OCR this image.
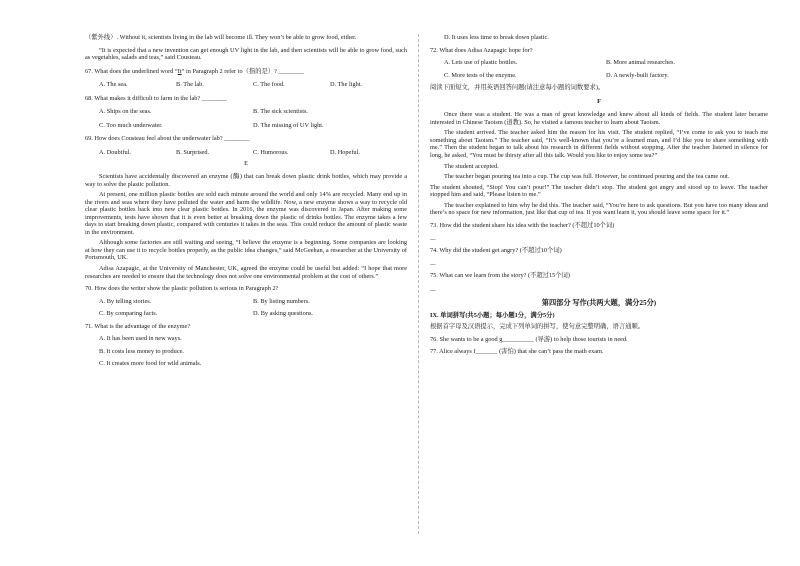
（紫外线）. Without it, scientists living in the lab will become ill. They won’t be able to grow food, either.

“It is expected that a new invention can get enough UV light in the lab, and then scientists will be able to grow food, such as vegetables, salads and teas,” said Cousteau.

67. What does the underlined word “It” in Paragraph 2 refer to（指的是）? ________

A. The sea.	B. The lab.	C. The food.	D. The light.

68. What makes it difficult to farm in the lab? ________

A. Ships on the seas.	B. The sick scientists.
C. Too much underwater.	D. The missing of UV light.

69. How does Cousteau feel about the underwater lab? ________

A. Doubtful.	B. Surprised.	C. Humorous.	D. Hopeful.

E

Scientists have accidentally discovered an enzyme (酶) that can break down plastic drink bottles, which may provide a way to solve the plastic pollution.

At present, one million plastic bottles are sold each minute around the world and only 14% are recycled. Many end up in the rivers and seas where they have polluted the water and harm the wildlife. Now, a new enzyme shows a way to recycle old clear plastic bottles back into new clear plastic bottles. In 2016, the enzyme was discovered in Japan. After making some improvements, tests have shown that it is even better at breaking down the plastic of drinks bottles. The enzyme takes a few days to start breaking down plastic, compared with centuries it takes in the seas. This could reduce the amount of plastic waste in the environment.

Although some factories are still waiting and seeing, “I believe the enzyme is a beginning. Some companies are looking at how they can use it to recycle bottles properly, as the public idea changes,” said McGeehan, a researcher at the University of Portsmouth, UK.

Adisa Azapagic, at the University of Manchester, UK, agreed the enzyme could be useful but added: “I hope that more researches are needed to ensure that the technology does not solve one environmental problem at the cost of others.”

70. How does the writer show the plastic pollution is serious in Paragraph 2?

A. By telling stories.	B. By listing numbers.
C. By comparing facts.	D. By asking questions.

71. What is the advantage of the enzyme?

A. It has been used in new ways.

B. It costs less money to produce.

C. It creates more food for wild animals.

D. It uses less time to break down plastic.

72. What does Adisa Azapagic hope for?

A. Lets use of plastic bottles.	B. More animal researches.
C. More tests of the enzyme.	D. A newly-built factory.

阅读下面短文，并用英语回答问题(请注意每小题的词数要求)。

F

Once there was a student. He was a man of great knowledge and knew about all kinds of fields. The student later became interested in Chinese Taoism (道教). So, he visited a famous teacher to learn about Taoism.

The student arrived. The teacher asked him the reason for his visit. The student replied, “I’ve come to ask you to teach me something about Taoism.” The teacher said, “It’s well-known that you’re a learned man, and I’d like you to share something with me.” Then the student began to talk about his research in different fields without stopping. After the teacher listened in silence for long, he asked, “You must be thirsty after all this talk. Would you like to enjoy some tea?”

The student accepted.

The teacher began pouring tea into a cup. The cup was full. However, he continued pouring and the tea came out.

The student shouted, “Stop! You can’t pour!” The teacher didn’t stop. The student got angry and stood up to leave. The teacher stopped him and said, “Please listen to me.”

The teacher explained to him why he did this. The teacher said, “You’re here to ask questions. But you have too many ideas and there’s no space for new information, just like that cup of tea. If you want learn it, you should leave some space for it.”

73. How did the student share his idea with the teacher? (不超过10个词)

__

74. Why did the student get angry? (不超过10个词)

__

75. What can we learn from the story? (不超过15个词)

__

第四部分 写作(共两大题，满分25分)

IX. 单词拼写(共5小题；每小题1分，满分5分)

根据首字母及汉语提示，完成下列单词的拼写，使句意完整明确，语言通顺。

76. She wants to be a good g__________ (导游) to help those tourists in need.

77. Alice always f_______ (害怕) that she can’t pass the math exam.
